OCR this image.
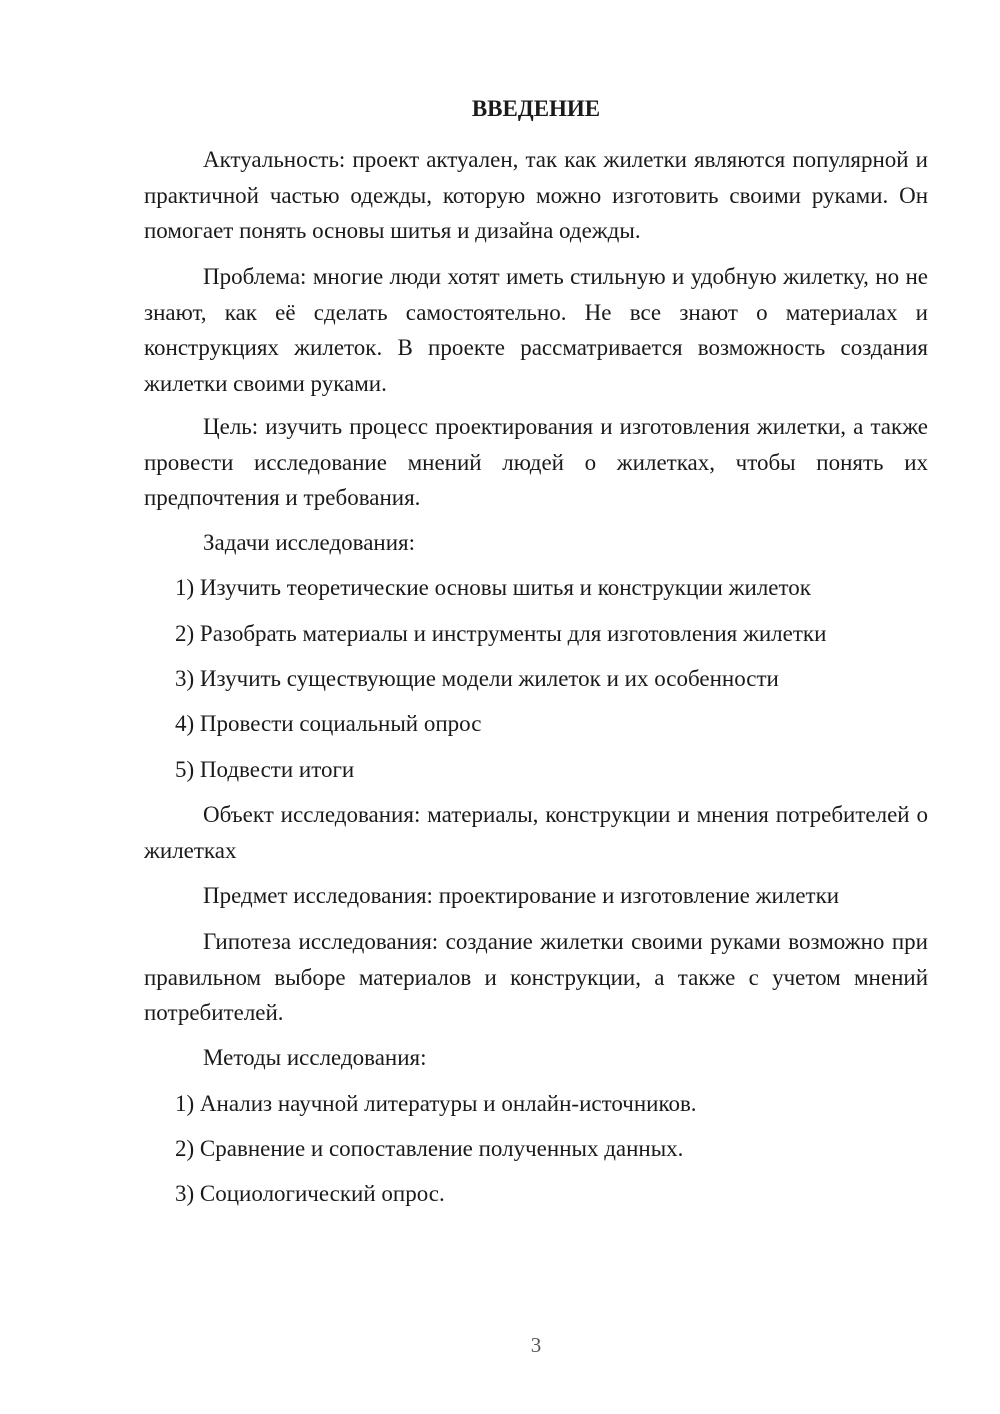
ВВЕДЕНИЕ

Актуальность: проект актуален, так как жилетки являются популярной и практичной частью одежды, которую можно изготовить своими руками. Он помогает понять основы шитья и дизайна одежды.

Проблема: многие люди хотят иметь стильную и удобную жилетку, но не знают, как её сделать самостоятельно. Не все знают о материалах и конструкциях жилеток. В проекте рассматривается возможность создания жилетки своими руками.

Цель: изучить процесс проектирования и изготовления жилетки, а также провести исследование мнений людей о жилетках, чтобы понять их предпочтения и требования.

Задачи исследования:

1) Изучить теоретические основы шитья и конструкции жилеток

2) Разобрать материалы и инструменты для изготовления жилетки

3) Изучить существующие модели жилеток и их особенности

4) Провести социальный опрос

5) Подвести итоги

Объект исследования: материалы, конструкции и мнения потребителей о жилетках

Предмет исследования: проектирование и изготовление жилетки

Гипотеза исследования: создание жилетки своими руками возможно при правильном выборе материалов и конструкции, а также с учетом мнений потребителей.

Методы исследования:

1) Анализ научной литературы и онлайн-источников.

2) Сравнение и сопоставление полученных данных.

3) Социологический опрос.

3
